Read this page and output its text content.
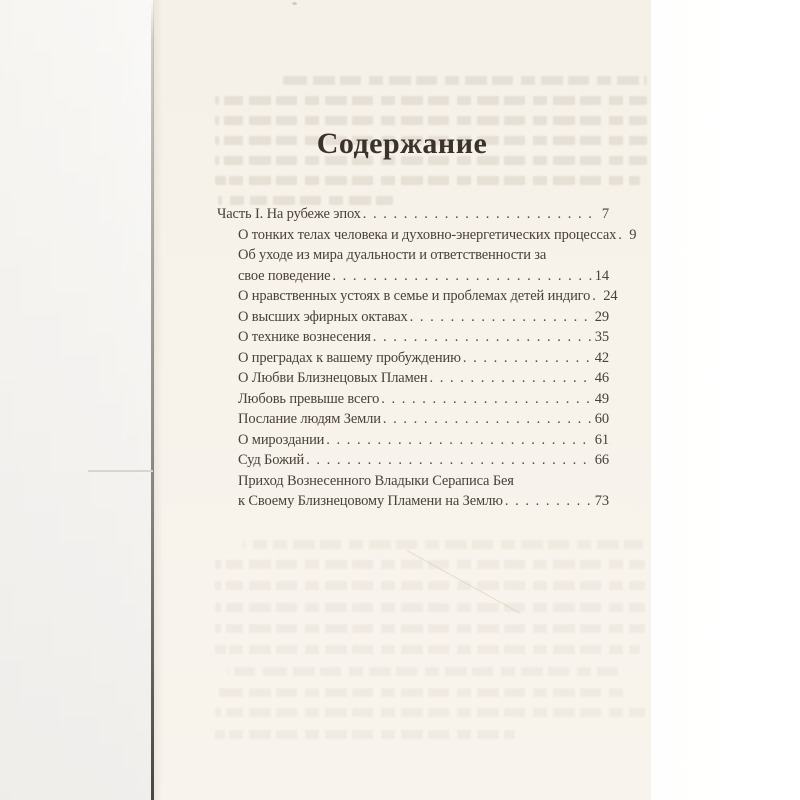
Содержание
Часть I. На рубеже эпох . . .	7
О тонких телах человека и духовно-энергетических процессах . . . 9
Об уходе из мира дуальности и ответственности за
свое поведение . . .	14
О нравственных устоях в семье и проблемах детей индиго . . . 24
О высших эфирных октавах . . .	29
О технике вознесения . . .	35
О преградах к вашему пробуждению . . .	42
О Любви Близнецовых Пламен . . .	46
Любовь превыше всего . . .	49
Послание людям Земли . . .	60
О мироздании . . .	61
Суд Божий . . .	66
Приход Вознесенного Владыки Сераписа Бея
к Своему Близнецовому Пламени на Землю . . .	73
